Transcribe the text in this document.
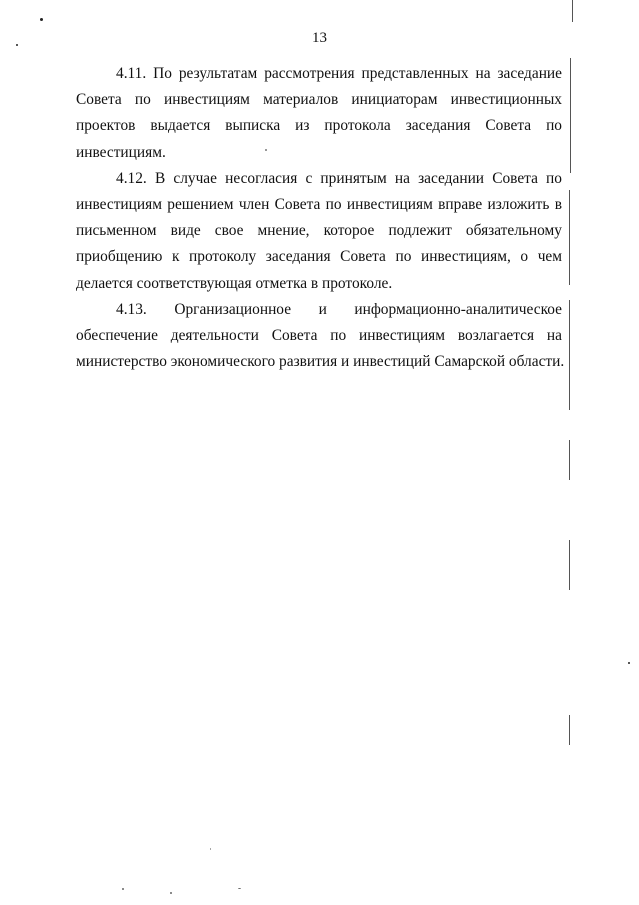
13
4.11. По результатам рассмотрения представленных на заседание
Совета по инвестициям материалов инициаторам инвестиционных
проектов выдается выписка из протокола заседания Совета по
инвестициям.
4.12. В случае несогласия с принятым на заседании Совета по
инвестициям решением член Совета по инвестициям вправе изложить в
письменном виде свое мнение, которое подлежит обязательному
приобщению к протоколу заседания Совета по инвестициям, о чем
делается соответствующая отметка в протоколе.
4.13. Организационное и информационно-аналитическое
обеспечение деятельности Совета по инвестициям возлагается на
министерство экономического развития и инвестиций Самарской области.
